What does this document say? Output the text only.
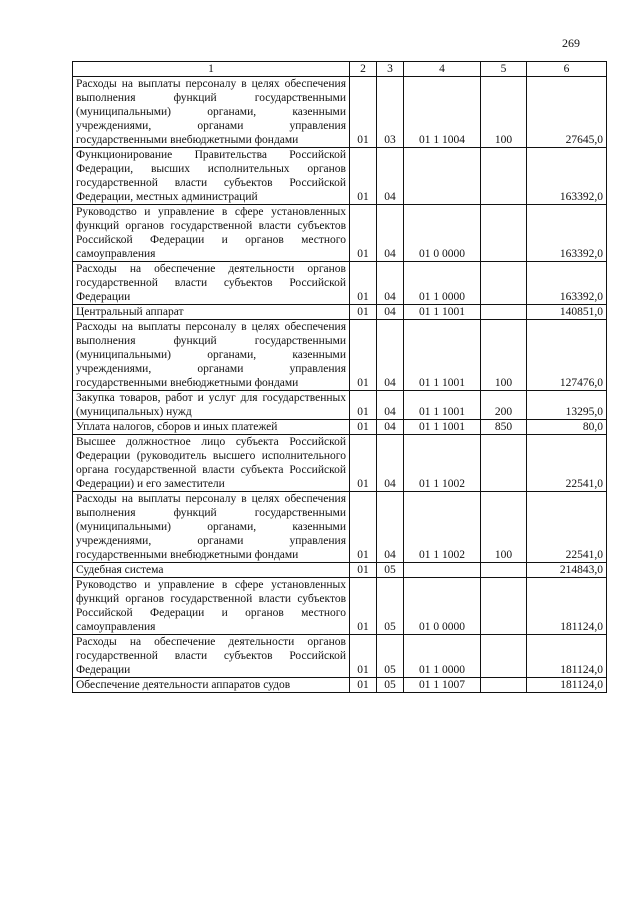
269
1	2	3	4	5	6
Расходы на выплаты персоналу в целях обеспечения выполнения функций государственными (муниципальными) органами, казенными учреждениями, органами управления государственными внебюджетными фондами	01	03	01 1 1004	100	27645,0
Функционирование Правительства Российской Федерации, высших исполнительных органов государственной власти субъектов Российской Федерации, местных администраций	01	04			163392,0
Руководство и управление в сфере установленных функций органов государственной власти субъектов Российской Федерации и органов местного самоуправления	01	04	01 0 0000		163392,0
Расходы на обеспечение деятельности органов государственной власти субъектов Российской Федерации	01	04	01 1 0000		163392,0
Центральный аппарат	01	04	01 1 1001		140851,0
Расходы на выплаты персоналу в целях обеспечения выполнения функций государственными (муниципальными) органами, казенными учреждениями, органами управления государственными внебюджетными фондами	01	04	01 1 1001	100	127476,0
Закупка товаров, работ и услуг для государственных (муниципальных) нужд	01	04	01 1 1001	200	13295,0
Уплата налогов, сборов и иных платежей	01	04	01 1 1001	850	80,0
Высшее должностное лицо субъекта Российской Федерации (руководитель высшего исполнительного органа государственной власти субъекта Российской Федерации) и его заместители	01	04	01 1 1002		22541,0
Расходы на выплаты персоналу в целях обеспечения выполнения функций государственными (муниципальными) органами, казенными учреждениями, органами управления государственными внебюджетными фондами	01	04	01 1 1002	100	22541,0
Судебная система	01	05			214843,0
Руководство и управление в сфере установленных функций органов государственной власти субъектов Российской Федерации и органов местного самоуправления	01	05	01 0 0000		181124,0
Расходы на обеспечение деятельности органов государственной власти субъектов Российской Федерации	01	05	01 1 0000		181124,0
Обеспечение деятельности аппаратов судов	01	05	01 1 1007		181124,0
